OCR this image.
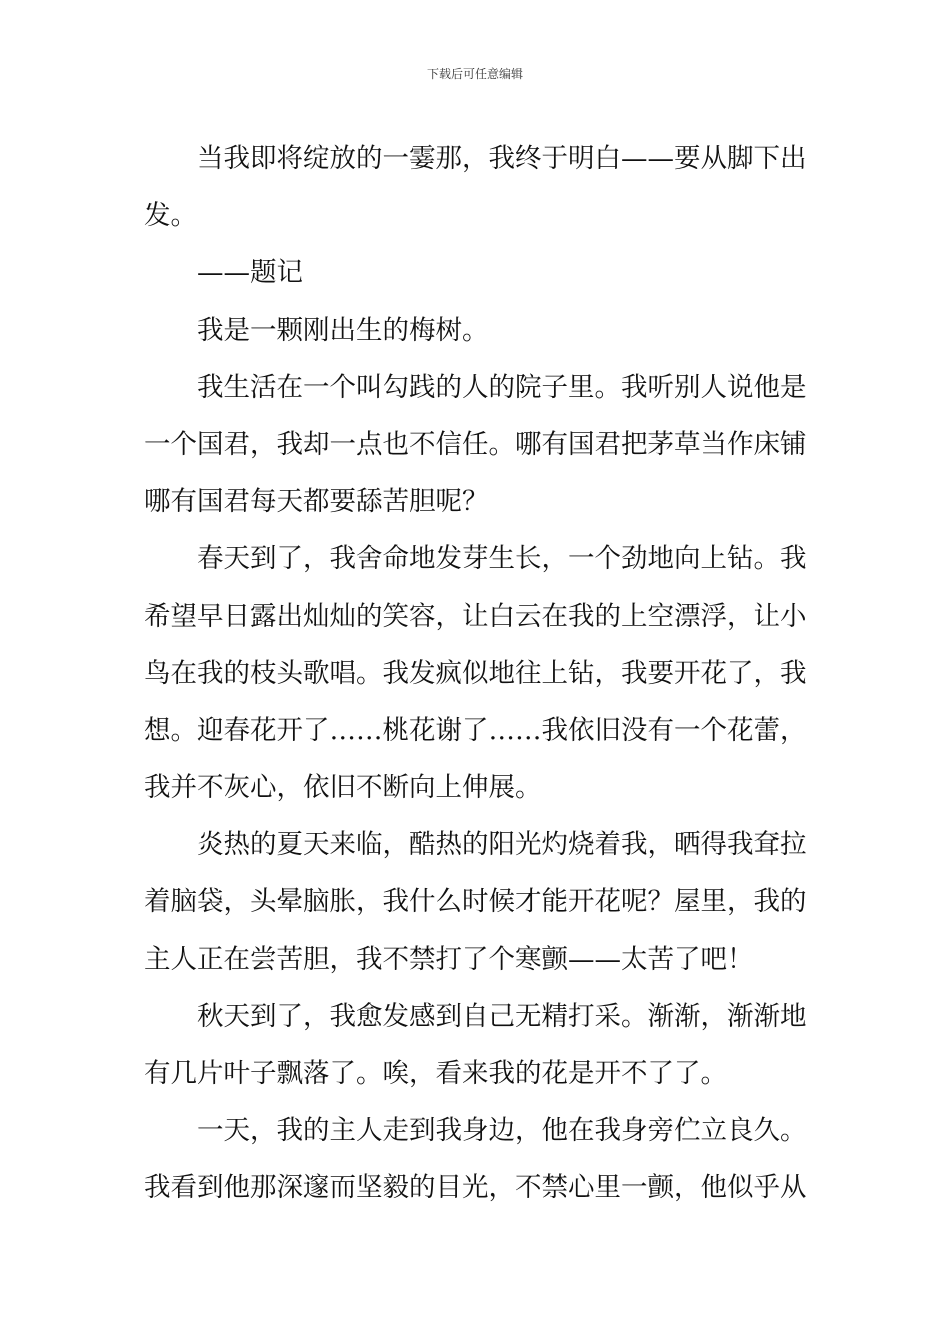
下载后可任意编辑
当我即将绽放的一霎那，我终于明白——要从脚下出
发。
——题记
我是一颗刚出生的梅树。
我生活在一个叫勾践的人的院子里。我听别人说他是
一个国君，我却一点也不信任。哪有国君把茅草当作床铺
哪有国君每天都要舔苦胆呢？
春天到了，我舍命地发芽生长，一个劲地向上钻。我
希望早日露出灿灿的笑容，让白云在我的上空漂浮，让小
鸟在我的枝头歌唱。我发疯似地往上钻，我要开花了，我
想。迎春花开了……桃花谢了……我依旧没有一个花蕾，
我并不灰心，依旧不断向上伸展。
炎热的夏天来临，酷热的阳光灼烧着我，晒得我耷拉
着脑袋，头晕脑胀，我什么时候才能开花呢？屋里，我的
主人正在尝苦胆，我不禁打了个寒颤——太苦了吧！
秋天到了，我愈发感到自己无精打采。渐渐，渐渐地
有几片叶子飘落了。唉，看来我的花是开不了了。
一天，我的主人走到我身边，他在我身旁伫立良久。
我看到他那深邃而坚毅的目光，不禁心里一颤，他似乎从
